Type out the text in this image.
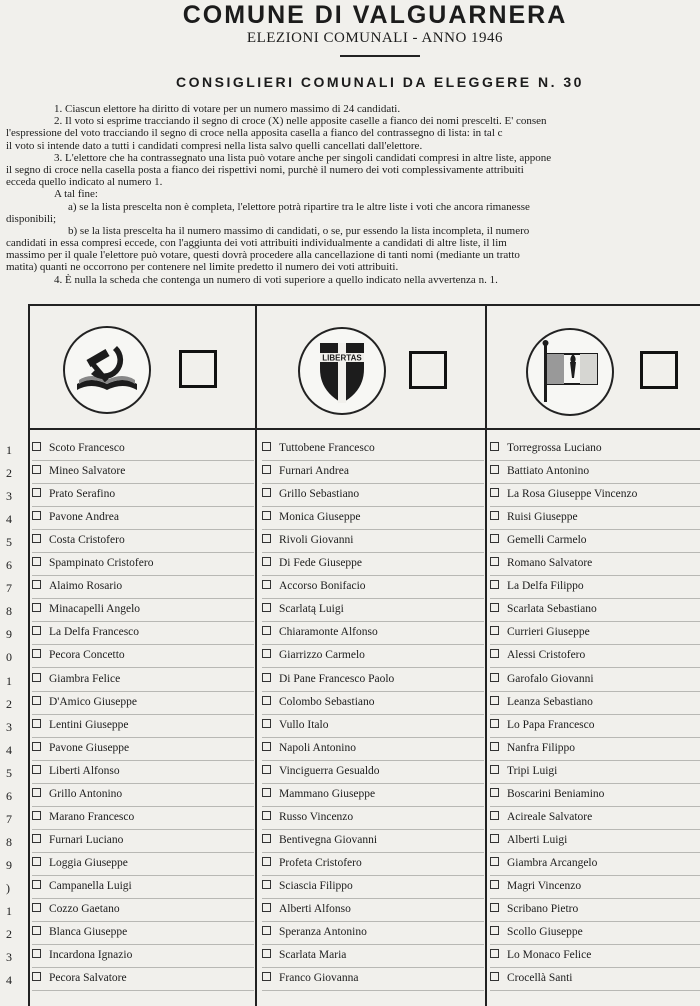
COMUNE DI VALGUARNERA
ELEZIONI COMUNALI - ANNO 1946
CONSIGLIERI COMUNALI DA ELEGGERE N. 30
1. Ciascun elettore ha diritto di votare per un numero massimo di 24 candidati.
2. Il voto si esprime tracciando il segno di croce (X) nelle apposite caselle a fianco dei nomi prescelti. E' consen
l'espressione del voto tracciando il segno di croce nella apposita casella a fianco del contrassegno di lista: in tal c
il voto si intende dato a tutti i candidati compresi nella lista salvo quelli cancellati dall'elettore.
3. L'elettore che ha contrassegnato una lista può votare anche per singoli candidati compresi in altre liste, appone
il segno di croce nella casella posta a fianco dei rispettivi nomi, purchè il numero dei voti complessivamente attribuiti
ecceda quello indicato al numero 1.
A tal fine:
a) se la lista prescelta non è completa, l'elettore potrà ripartire tra le altre liste i voti che ancora rimanesse
disponibili;
b) se la lista prescelta ha il numero massimo di candidati, o se, pur essendo la lista incompleta, il numero
candidati in essa compresi eccede, con l'aggiunta dei voti attribuiti individualmente a candidati di altre liste, il lim
massimo per il quale l'elettore può votare, questi dovrà procedere alla cancellazione di tanti nomi (mediante un tratto
matita) quanti ne occorrono per contenere nel limite predetto il numero dei voti attribuiti.
4. È nulla la scheda che contenga un numero di voti superiore a quello indicato nella avvertenza n. 1.
LIBERTAS
1
2
3
4
5
6
7
8
9
0
1
2
3
4
5
6
7
8
9
)
1
2
3
4
Scoto Francesco
Mineo Salvatore
Prato Serafino
Pavone Andrea
Costa Cristofero
Spampinato Cristofero
Alaimo Rosario
Minacapelli Angelo
La Delfa Francesco
Pecora Concetto
Giambra Felice
D'Amico Giuseppe
Lentini Giuseppe
Pavone Giuseppe
Liberti Alfonso
Grillo Antonino
Marano Francesco
Furnari Luciano
Loggia Giuseppe
Campanella Luigi
Cozzo Gaetano
Blanca Giuseppe
Incardona Ignazio
Pecora Salvatore
Tuttobene Francesco
Furnari Andrea
Grillo Sebastiano
Monica Giuseppe
Rivoli Giovanni
Di Fede Giuseppe
Accorso Bonifacio
Scarlatą Luigi
Chiaramonte Alfonso
Giarrizzo Carmelo
Di Pane Francesco Paolo
Colombo Sebastiano
Vullo Italo
Napoli Antonino
Vinciguerra Gesualdo
Mammano Giuseppe
Russo Vincenzo
Bentivegna Giovanni
Profeta Cristofero
Sciascia Filippo
Alberti Alfonso
Speranza Antonino
Scarlata Maria
Franco Giovanna
Torregrossa Luciano
Battiato Antonino
La Rosa Giuseppe Vincenzo
Ruisi Giuseppe
Gemelli Carmelo
Romano Salvatore
La Delfa Filippo
Scarlata Sebastiano
Currieri Giuseppe
Alessi Cristofero
Garofalo Giovanni
Leanza Sebastiano
Lo Papa Francesco
Nanfra Filippo
Tripi Luigi
Boscarini Beniamino
Acireale Salvatore
Alberti Luigi
Giambra Arcangelo
Magri Vincenzo
Scribano Pietro
Scollo Giuseppe
Lo Monaco Felice
Crocellà Santi
